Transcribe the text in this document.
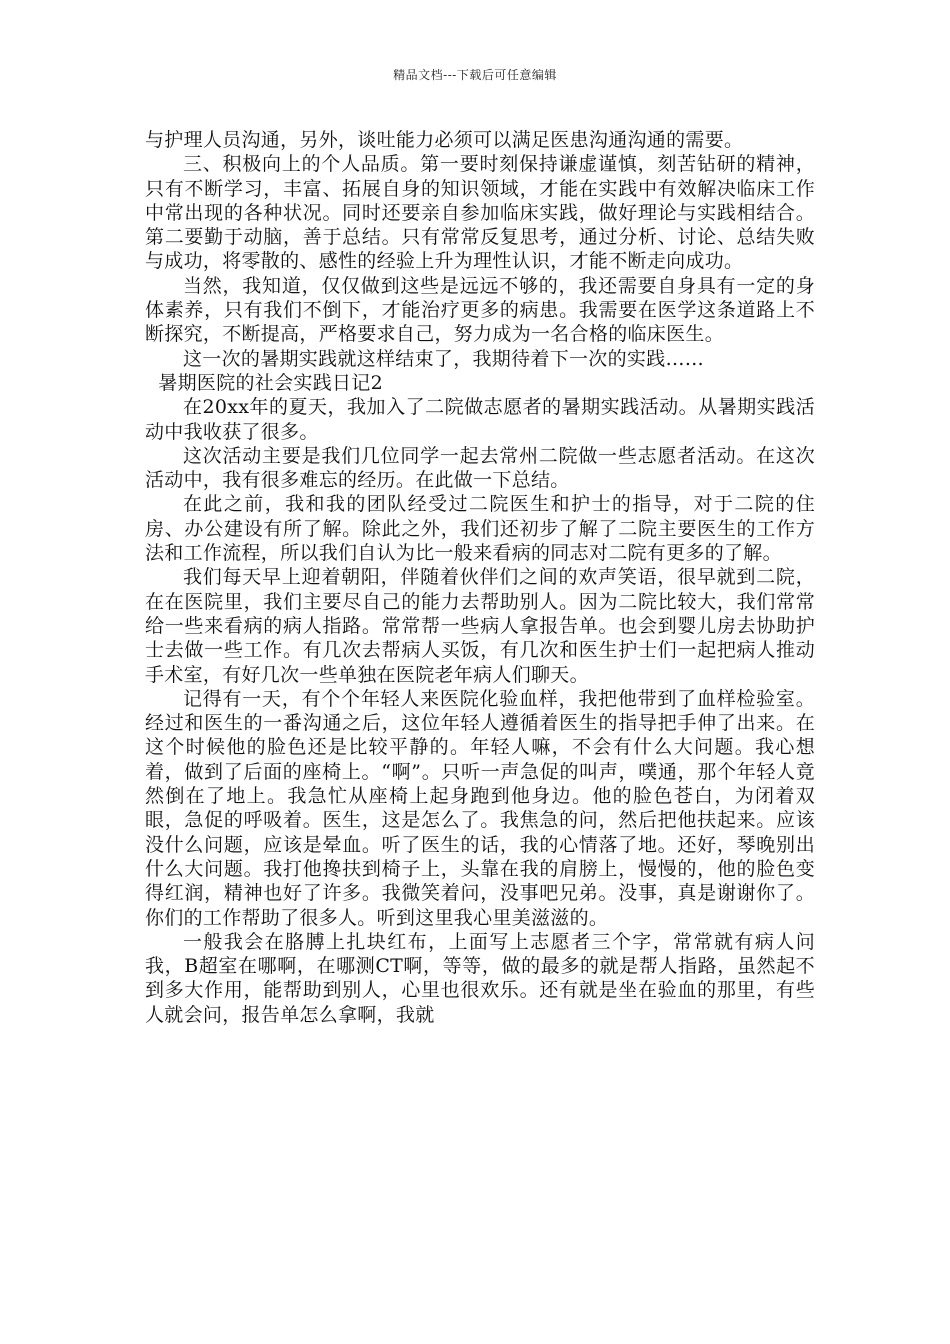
精品文档---下载后可任意编辑

与护理人员沟通，另外，谈吐能力必须可以满足医患沟通沟通的需要。

三、积极向上的个人品质。第一要时刻保持谦虚谨慎，刻苦钻研的精神，只有不断学习，丰富、拓展自身的知识领域，才能在实践中有效解决临床工作中常出现的各种状况。同时还要亲自参加临床实践，做好理论与实践相结合。第二要勤于动脑，善于总结。只有常常反复思考，通过分析、讨论、总结失败与成功，将零散的、感性的经验上升为理性认识，才能不断走向成功。

当然，我知道，仅仅做到这些是远远不够的，我还需要自身具有一定的身体素养，只有我们不倒下，才能治疗更多的病患。我需要在医学这条道路上不断探究，不断提高，严格要求自己，努力成为一名合格的临床医生。

这一次的暑期实践就这样结束了，我期待着下一次的实践……

暑期医院的社会实践日记2

在20xx年的夏天，我加入了二院做志愿者的暑期实践活动。从暑期实践活动中我收获了很多。

这次活动主要是我们几位同学一起去常州二院做一些志愿者活动。在这次活动中，我有很多难忘的经历。在此做一下总结。

在此之前，我和我的团队经受过二院医生和护士的指导，对于二院的住房、办公建设有所了解。除此之外，我们还初步了解了二院主要医生的工作方法和工作流程，所以我们自认为比一般来看病的同志对二院有更多的了解。

我们每天早上迎着朝阳，伴随着伙伴们之间的欢声笑语，很早就到二院，在在医院里，我们主要尽自己的能力去帮助别人。因为二院比较大，我们常常给一些来看病的病人指路。常常帮一些病人拿报告单。也会到婴儿房去协助护士去做一些工作。有几次去帮病人买饭，有几次和医生护士们一起把病人推动手术室，有好几次一些单独在医院老年病人们聊天。

记得有一天，有个个年轻人来医院化验血样，我把他带到了血样检验室。经过和医生的一番沟通之后，这位年轻人遵循着医生的指导把手伸了出来。在这个时候他的脸色还是比较平静的。年轻人嘛，不会有什么大问题。我心想着，做到了后面的座椅上。“啊”。只听一声急促的叫声，噗通，那个年轻人竟然倒在了地上。我急忙从座椅上起身跑到他身边。他的脸色苍白，为闭着双眼，急促的呼吸着。医生，这是怎么了。我焦急的问，然后把他扶起来。应该没什么问题，应该是晕血。听了医生的话，我的心情落了地。还好，琴晚别出什么大问题。我打他搀扶到椅子上，头靠在我的肩膀上，慢慢的，他的脸色变得红润，精神也好了许多。我微笑着问，没事吧兄弟。没事，真是谢谢你了。你们的工作帮助了很多人。听到这里我心里美滋滋的。

一般我会在胳膊上扎块红布，上面写上志愿者三个字，常常就有病人问我，B超室在哪啊，在哪测CT啊，等等，做的最多的就是帮人指路，虽然起不到多大作用，能帮助到别人，心里也很欢乐。还有就是坐在验血的那里，有些人就会问，报告单怎么拿啊，我就
